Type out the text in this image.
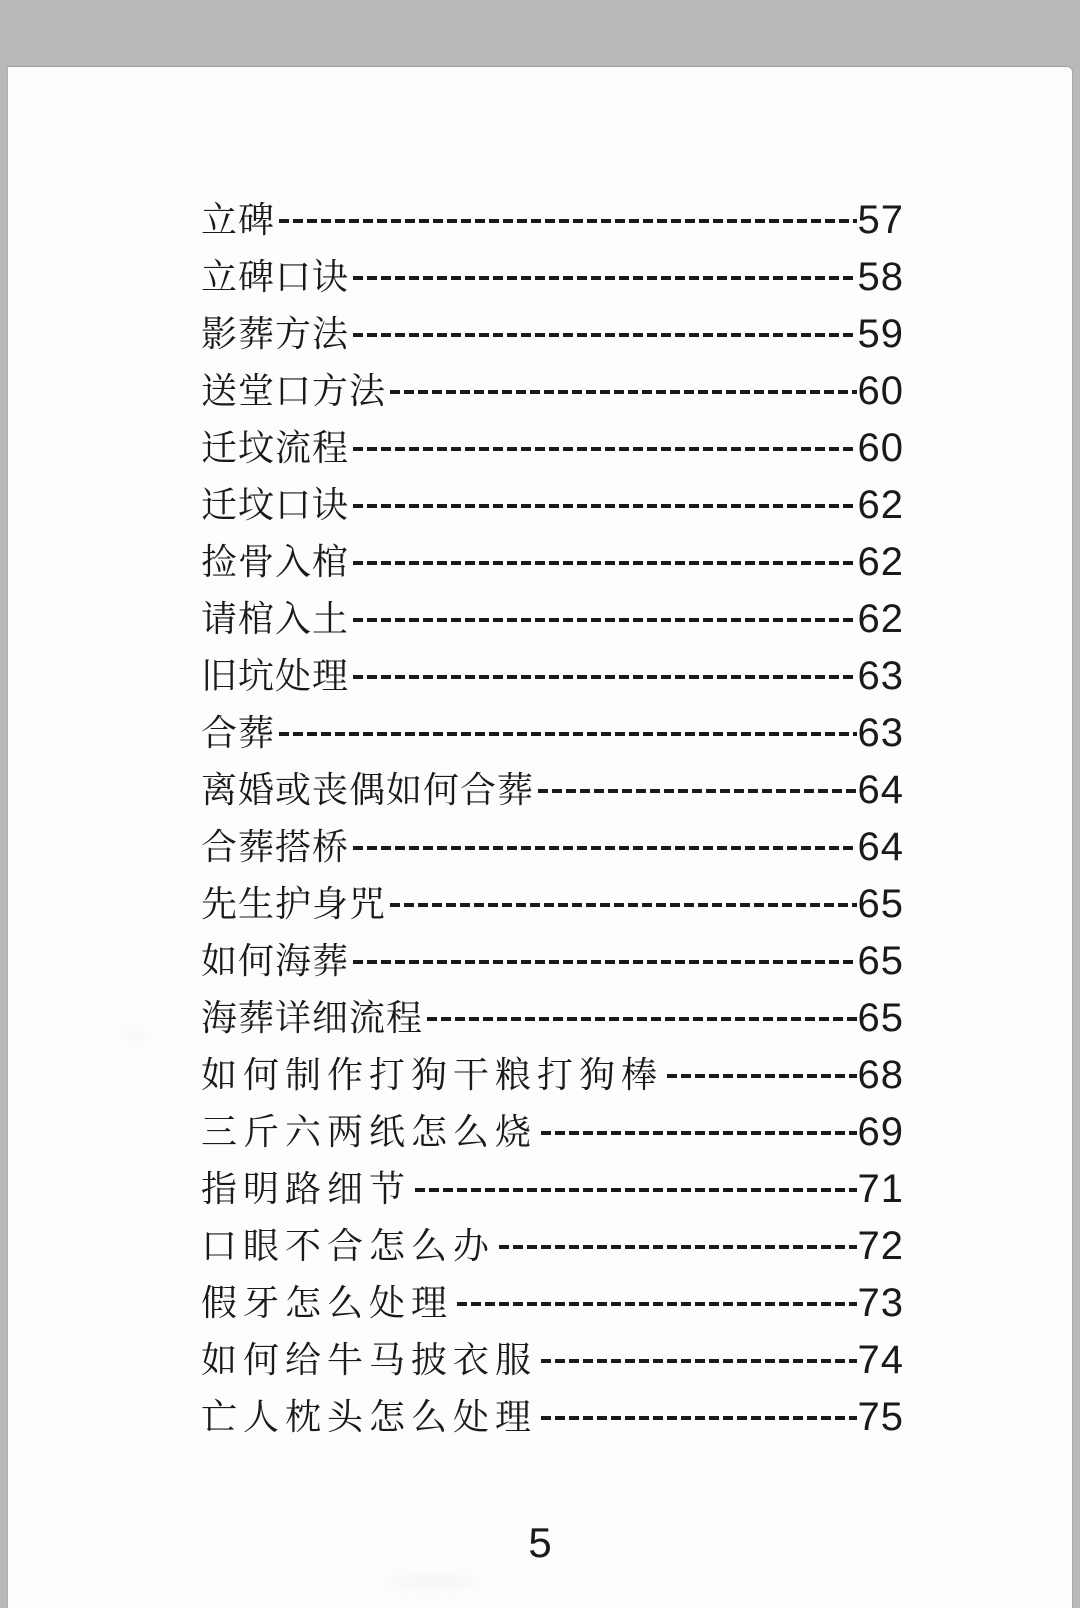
立碑	57
立碑口诀	58
影葬方法	59
送堂口方法	60
迁坟流程	60
迁坟口诀	62
捡骨入棺	62
请棺入土	62
旧坑处理	63
合葬	63
离婚或丧偶如何合葬	64
合葬搭桥	64
先生护身咒	65
如何海葬	65
海葬详细流程	65
如何制作打狗干粮打狗棒	68
三斤六两纸怎么烧	69
指明路细节	71
口眼不合怎么办	72
假牙怎么处理	73
如何给牛马披衣服	74
亡人枕头怎么处理	75
5
